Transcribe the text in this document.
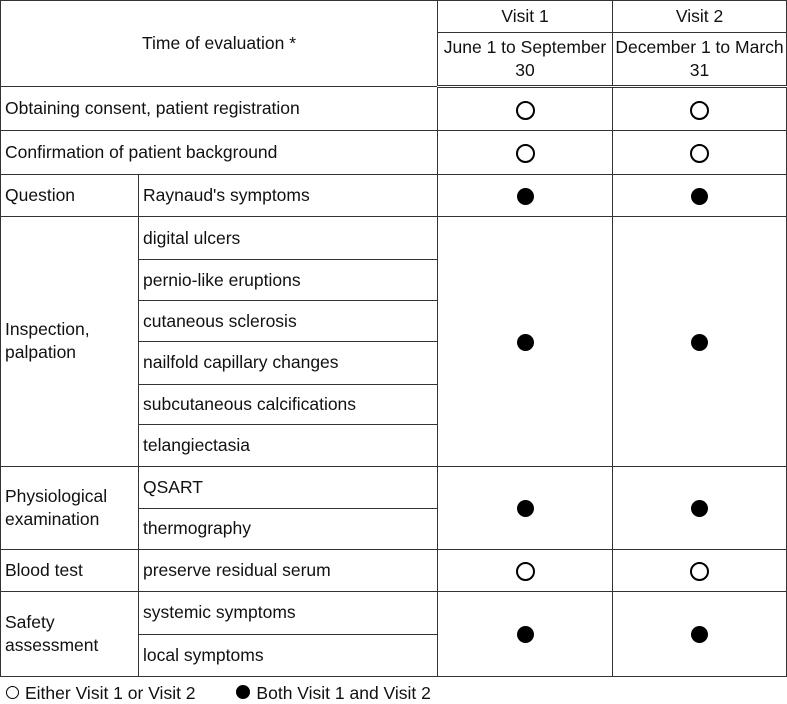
Time of evaluation *		Visit 1	Visit 2
		June 1 to September 30	December 1 to March 31
Obtaining consent, patient registration			
Confirmation of patient background			
Question	Raynaud's symptoms		
Inspection, palpation	digital ulcers		
	pernio-like eruptions		
	cutaneous sclerosis		
	nailfold capillary changes		
	subcutaneous calcifications		
	telangiectasia		
Physiological examination	QSART		
	thermography		
Blood test	preserve residual serum		
Safety assessment	systemic symptoms		
	local symptoms		
Either Visit 1 or Visit 2	Both Visit 1 and Visit 2
